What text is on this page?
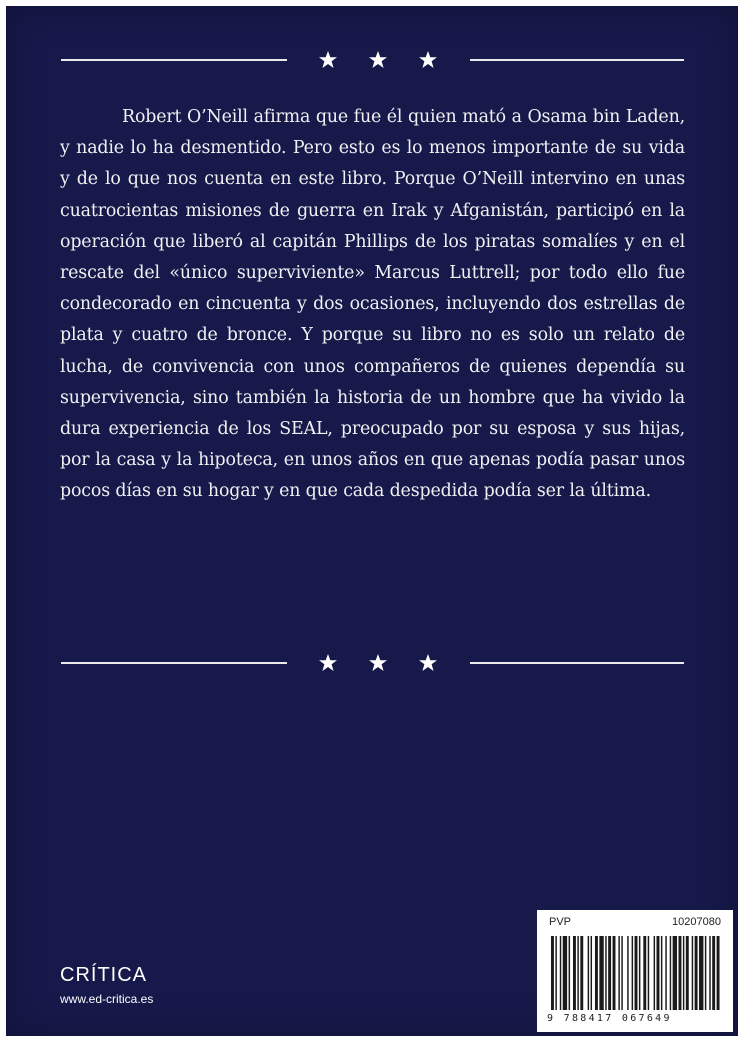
Robert O’Neill afirma que fue él quien mató a Osama bin Laden, y nadie lo ha desmentido. Pero esto es lo menos importante de su vida y de lo que nos cuenta en este libro. Porque O’Neill intervino en unas cuatrocientas misiones de guerra en Irak y Afganistán, participó en la operación que liberó al capitán Phillips de los piratas somalíes y en el rescate del «único superviviente» Marcus Luttrell; por todo ello fue condecorado en cincuenta y dos ocasiones, incluyendo dos estrellas de plata y cuatro de bronce. Y porque su libro no es solo un relato de lucha, de convivencia con unos compañeros de quienes dependía su supervivencia, sino también la historia de un hombre que ha vivido la dura experiencia de los SEAL, preocupado por su esposa y sus hijas, por la casa y la hipoteca, en unos años en que apenas podía pasar unos pocos días en su hogar y en que cada despedida podía ser la última.

CRÍTICA
www.ed-critica.es
PVP	10207080
9 788417 067649
